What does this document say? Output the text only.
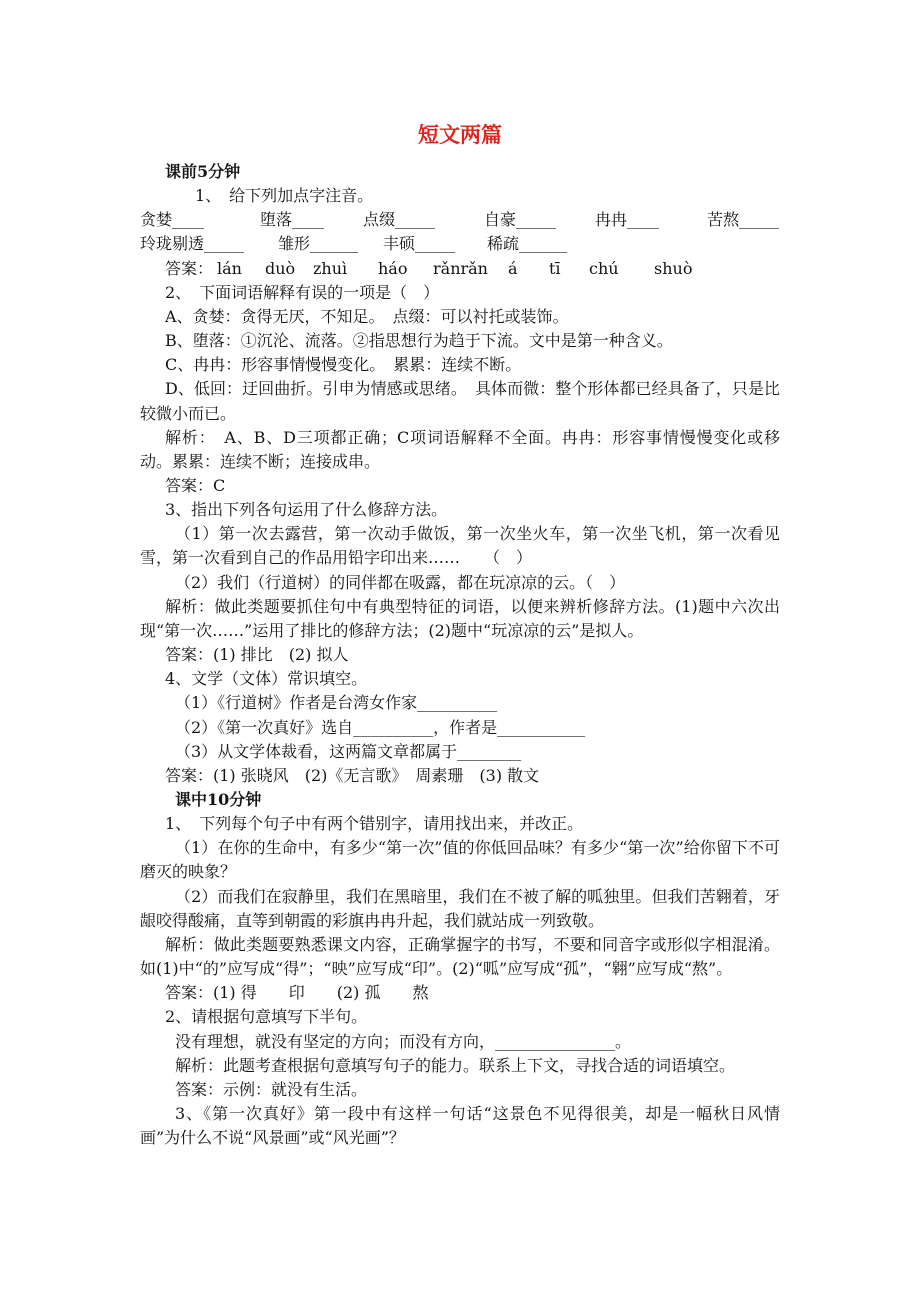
短文两篇

课前5分钟

1、　给下列加点字注音。

贪婪____	堕落____ 点缀_____	自豪_____ 冉冉____	苦熬_____
玲珑剔透_____ 雏形______ 丰硕_____ 稀疏______
答案： lán duò zhuì háo rǎnrǎn á tī chú shuò

2、　下面词语解释有误的一项是（　）

A、贪婪：贪得无厌，不知足。　点缀：可以衬托或装饰。

B、堕落：①沉沦、流落。②指思想行为趋于下流。文中是第一种含义。

C、冉冉：形容事情慢慢变化。　累累：连续不断。

D、低回：迂回曲折。引申为情感或思绪。　具体而微：整个形体都已经具备了，只是比较微小而已。

解析：　A、B、D三项都正确；C项词语解释不全面。冉冉：形容事情慢慢变化或移动。累累：连续不断；连接成串。

答案：C

3、指出下列各句运用了什么修辞方法。

（1）第一次去露营，第一次动手做饭，第一次坐火车，第一次坐飞机，第一次看见雪，第一次看到自己的作品用铅字印出来……　　（　）

（2）我们（行道树）的同伴都在吸露，都在玩凉凉的云。（　）

解析：做此类题要抓住句中有典型特征的词语，以便来辨析修辞方法。(1)题中六次出现“第一次……”运用了排比的修辞方法；(2)题中“玩凉凉的云”是拟人。

答案：(1) 排比　(2) 拟人

4、文学（文体）常识填空。

（1）《行道树》作者是台湾女作家__________

（2）《第一次真好》选自__________，作者是___________

（3）从文学体裁看，这两篇文章都属于________

答案：(1) 张晓风　(2)《无言歌》　周素珊　(3) 散文

课中10分钟

1、　下列每个句子中有两个错别字，请用找出来，并改正。

（1）在你的生命中，有多少“第一次”值的你低回品味？有多少“第一次”给你留下不可磨灭的映象？

（2）而我们在寂静里，我们在黑暗里，我们在不被了解的呱独里。但我们苦翱着，牙龈咬得酸痛，直等到朝霞的彩旗冉冉升起，我们就站成一列致敬。

解析：做此类题要熟悉课文内容，正确掌握字的书写，不要和同音字或形似字相混淆。如(1)中“的”应写成“得”；“映”应写成“印”。(2)“呱”应写成“孤”，“翱”应写成“熬”。

答案：(1) 得　　印　　(2) 孤　　熬

2、请根据句意填写下半句。

没有理想，就没有坚定的方向；而没有方向，_______________。

解析：此题考查根据句意填写句子的能力。联系上下文，寻找合适的词语填空。

答案：示例：就没有生活。

3、《第一次真好》第一段中有这样一句话“这景色不见得很美，却是一幅秋日风情画”为什么不说“风景画”或“风光画”？
